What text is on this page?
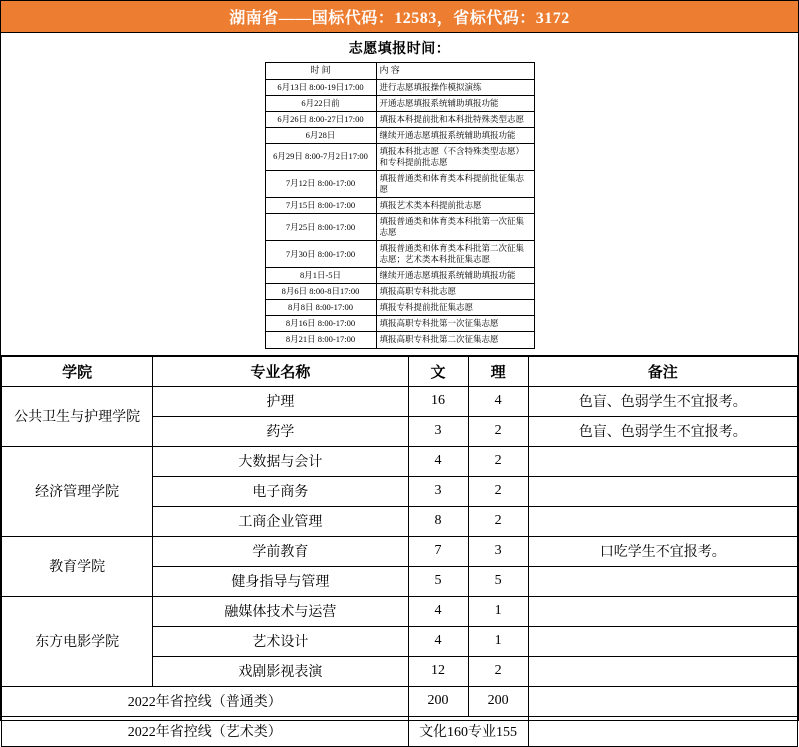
湖南省——国标代码：12583，省标代码：3172
志愿填报时间：
时 间	内 容
6月13日 8:00-19日17:00	进行志愿填报操作模拟演练
6月22日前	开通志愿填报系统辅助填报功能
6月26日 8:00-27日17:00	填报本科提前批和本科批特殊类型志愿
6月28日	继续开通志愿填报系统辅助填报功能
6月29日 8:00-7月2日17:00	填报本科批志愿（不含特殊类型志愿）和专科提前批志愿
7月12日 8:00-17:00	填报普通类和体育类本科提前批征集志愿
7月15日 8:00-17:00	填报艺术类本科提前批志愿
7月25日 8:00-17:00	填报普通类和体育类本科批第一次征集志愿
7月30日 8:00-17:00	填报普通类和体育类本科批第二次征集志愿；艺术类本科批征集志愿
8月1日-5日	继续开通志愿填报系统辅助填报功能
8月6日 8:00-8日17:00	填报高职专科批志愿
8月8日 8:00-17:00	填报专科提前批征集志愿
8月16日 8:00-17:00	填报高职专科批第一次征集志愿
8月21日 8:00-17:00	填报高职专科批第二次征集志愿
学院	专业名称	文	理	备注
公共卫生与护理学院	护理	16	4	色盲、色弱学生不宜报考。
	药学	3	2	色盲、色弱学生不宜报考。
经济管理学院	大数据与会计	4	2	
	电子商务	3	2	
	工商企业管理	8	2	
教育学院	学前教育	7	3	口吃学生不宜报考。
	健身指导与管理	5	5	
东方电影学院	融媒体技术与运营	4	1	
	艺术设计	4	1	
	戏剧影视表演	12	2	
2022年省控线（普通类）		200	200	
2022年省控线（艺术类）		文化160专业155		
